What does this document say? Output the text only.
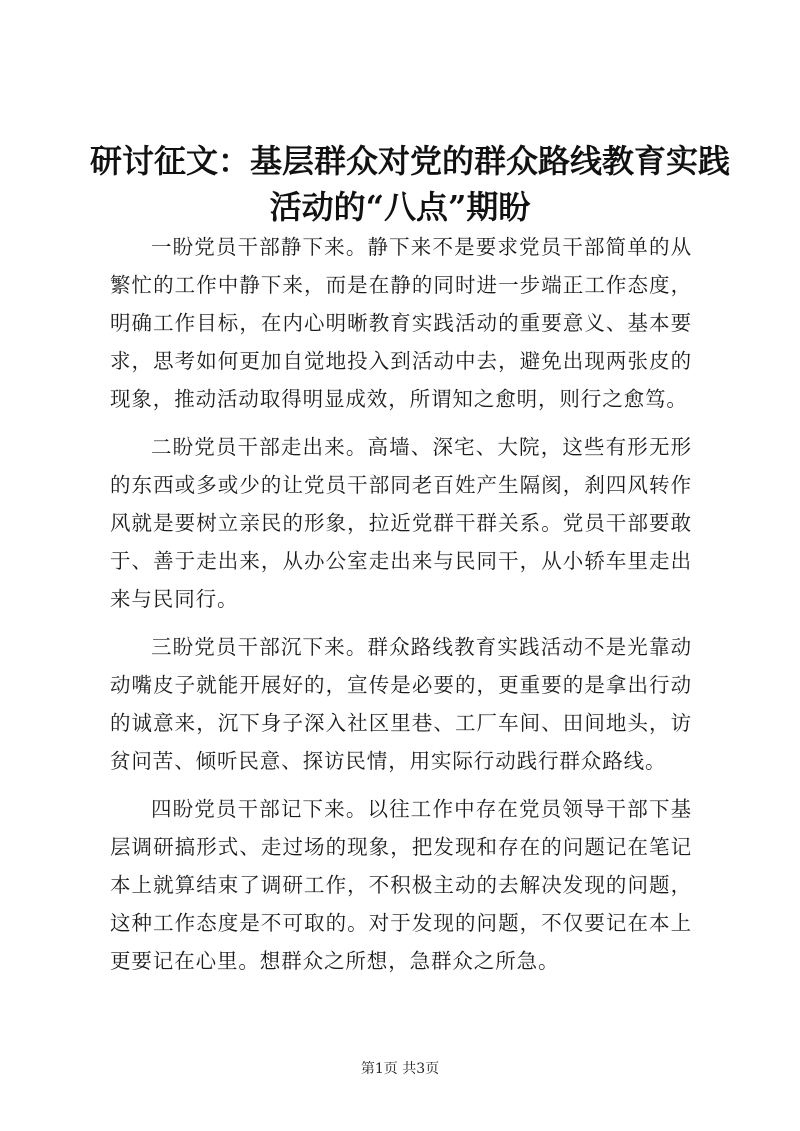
研讨征文：基层群众对党的群众路线教育实践
活动的“八点”期盼

一盼党员干部静下来。静下来不是要求党员干部简单的从繁忙的工作中静下来，而是在静的同时进一步端正工作态度，明确工作目标，在内心明晰教育实践活动的重要意义、基本要求，思考如何更加自觉地投入到活动中去，避免出现两张皮的现象，推动活动取得明显成效，所谓知之愈明，则行之愈笃。

二盼党员干部走出来。高墙、深宅、大院，这些有形无形的东西或多或少的让党员干部同老百姓产生隔阂，刹四风转作风就是要树立亲民的形象，拉近党群干群关系。党员干部要敢于、善于走出来，从办公室走出来与民同干，从小轿车里走出来与民同行。

三盼党员干部沉下来。群众路线教育实践活动不是光靠动动嘴皮子就能开展好的，宣传是必要的，更重要的是拿出行动的诚意来，沉下身子深入社区里巷、工厂车间、田间地头，访贫问苦、倾听民意、探访民情，用实际行动践行群众路线。

四盼党员干部记下来。以往工作中存在党员领导干部下基层调研搞形式、走过场的现象，把发现和存在的问题记在笔记本上就算结束了调研工作，不积极主动的去解决发现的问题，这种工作态度是不可取的。对于发现的问题，不仅要记在本上更要记在心里。想群众之所想，急群众之所急。

第1页 共3页
